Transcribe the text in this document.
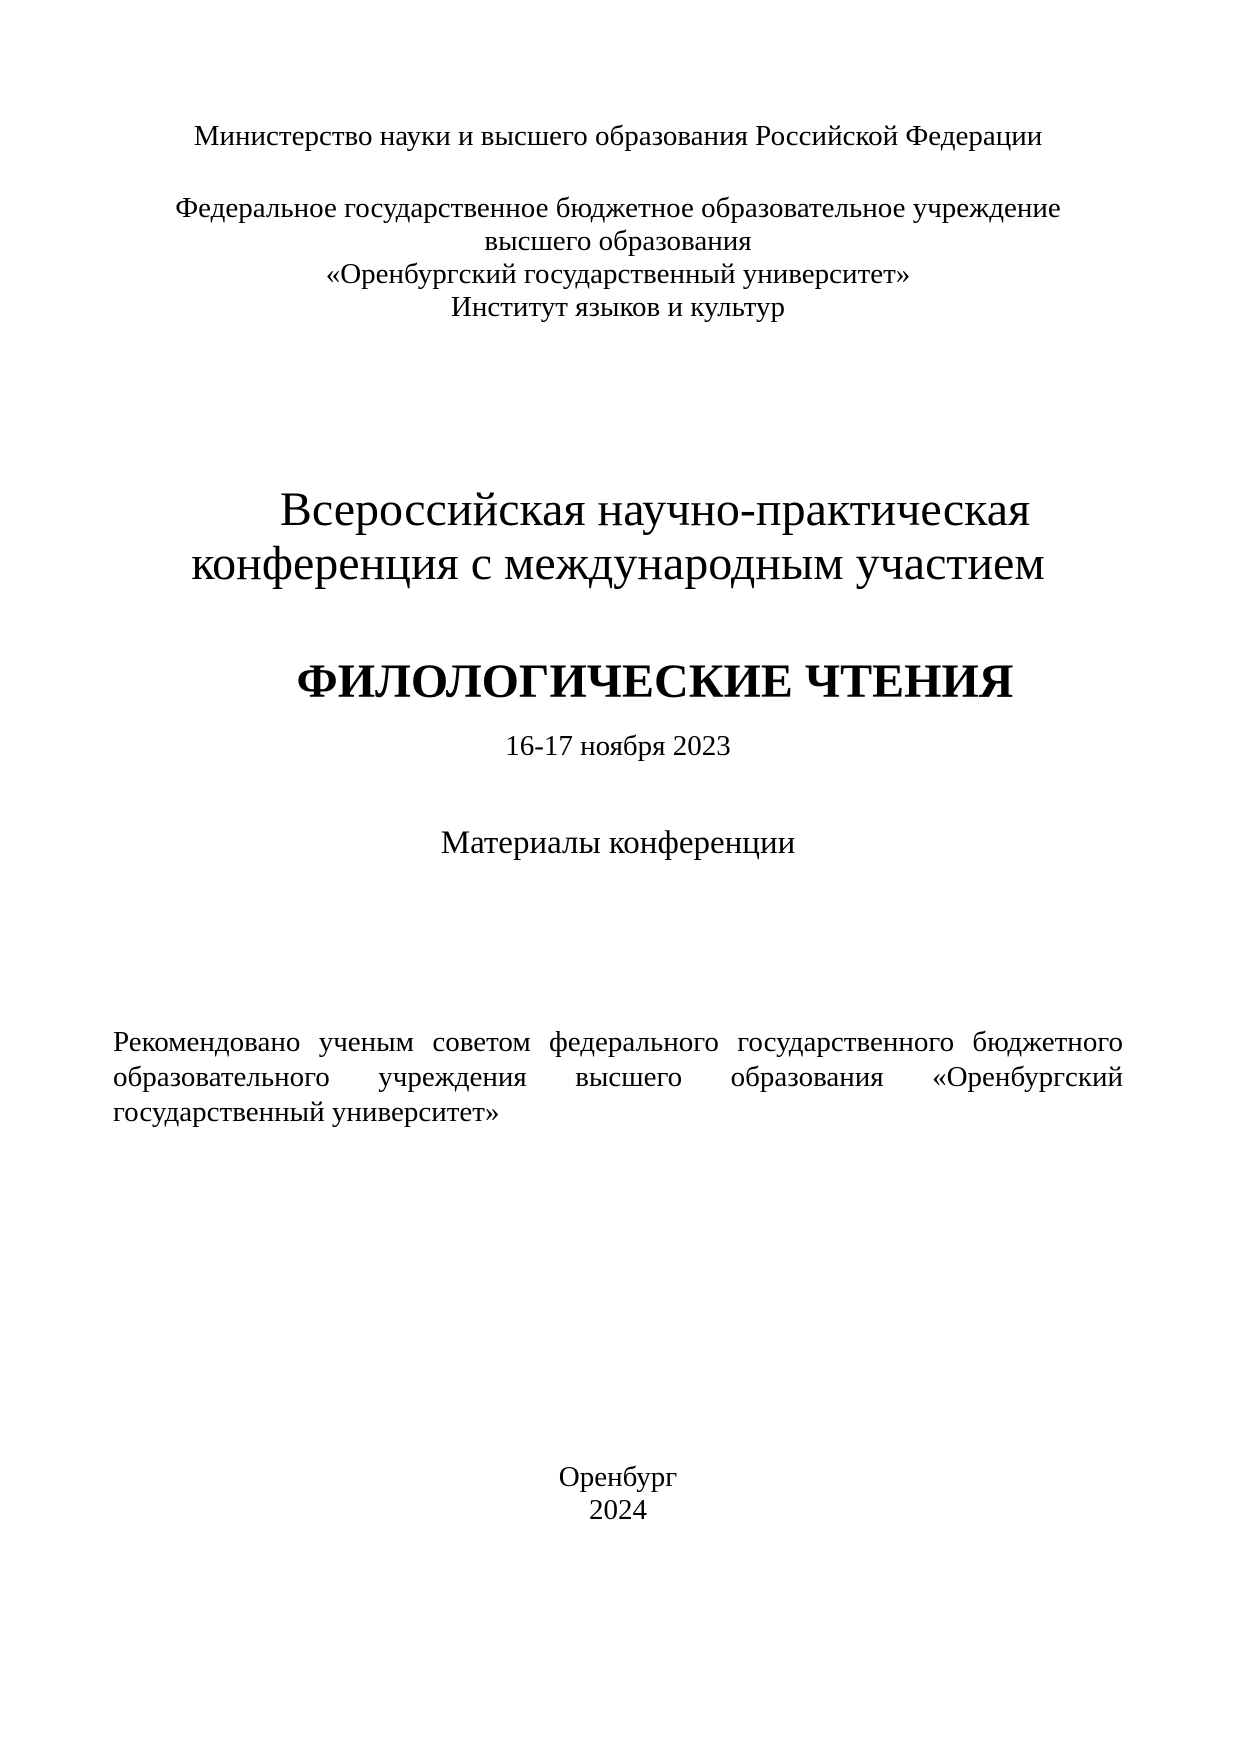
Министерство науки и высшего образования Российской Федерации

Федеральное государственное бюджетное образовательное учреждение

высшего образования

«Оренбургский государственный университет»

Институт языков и культур

Всероссийская научно-практическая конференция с международным участием

ФИЛОЛОГИЧЕСКИЕ ЧТЕНИЯ

16-17 ноября 2023

Материалы конференции

Рекомендовано ученым советом федерального государственного бюджетного образовательного учреждения высшего образования «Оренбургский государственный университет»

Оренбург

2024
